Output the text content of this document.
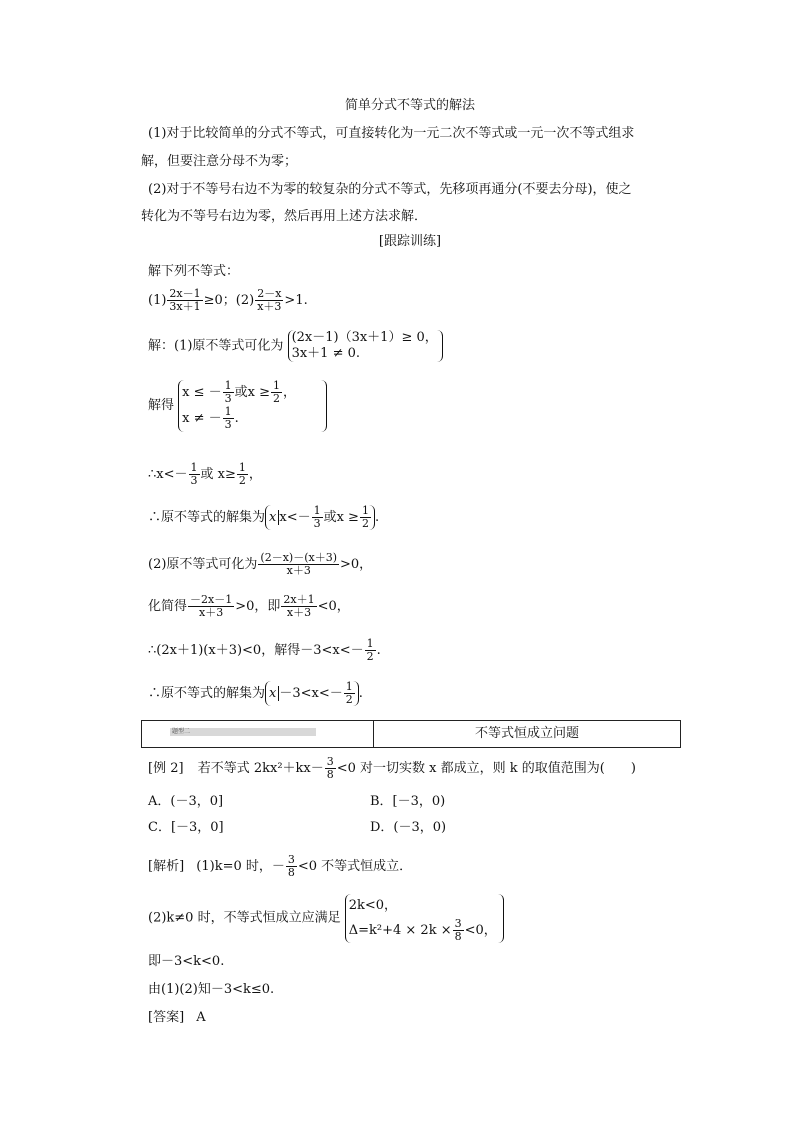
简单分式不等式的解法
(1)对于比较简单的分式不等式，可直接转化为一元二次不等式或一元一次不等式组求
解，但要注意分母不为零；
(2)对于不等号右边不为零的较复杂的分式不等式，先移项再通分(不要去分母)，使之
转化为不等号右边为零，然后再用上述方法求解．
[跟踪训练]
解下列不等式：
$(1) \frac{2x-1}{3x+1} \ge 0$；$(2) \frac{2-x}{x+3} >1$.
解：(1)原不等式可化为 (2x－1)（3x＋1）≥ 0，
3x＋1 ≠ 0.
解得 x ≤ － $\frac{1}{3}$ 或$x \ge \frac{1}{2}$ ，
x ≠ － $\frac{1}{3}$ .
∴x<－ $\frac{1}{3}$ 或 $x\ge \frac{1}{2}$ ，
∴原不等式的解集为 x $x<- \frac{1}{3}$ 或$x \ge \frac{1}{2}$ .
(2)原不等式可化为 $\frac{(2-x)-(x+3)}{x+3} >0$，
化简得 $\frac{-2x-1}{x+3} >0$，即 $\frac{2x+1}{x+3} <0$，
∴(2x＋1)(x＋3)<0，解得$-3<x<- \frac{1}{2}$ .
∴原不等式的解集为 $x -3<x<- \frac{1}{2}$ .
题型二	不等式恒成立问题
[例 2] 若不等式 $2kx^2+kx- \frac{3}{8} <0$ 对一切实数 x 都成立，则 k 的取值范围为(　　)
A．(－3，0]	B．[－3，0)
C．[－3，0]	D．(－3，0)
[解析] (1)k=0 时，－ $\frac{3}{8} <0$ 不等式恒成立．
(2)k≠0 时，不等式恒成立应满足 2k<0，
$\Delta=k^2+4 \times 2k \times \frac{3}{8} <0$，
即－3<k<0.
由(1)(2)知－3<k≤0.
[答案] A
